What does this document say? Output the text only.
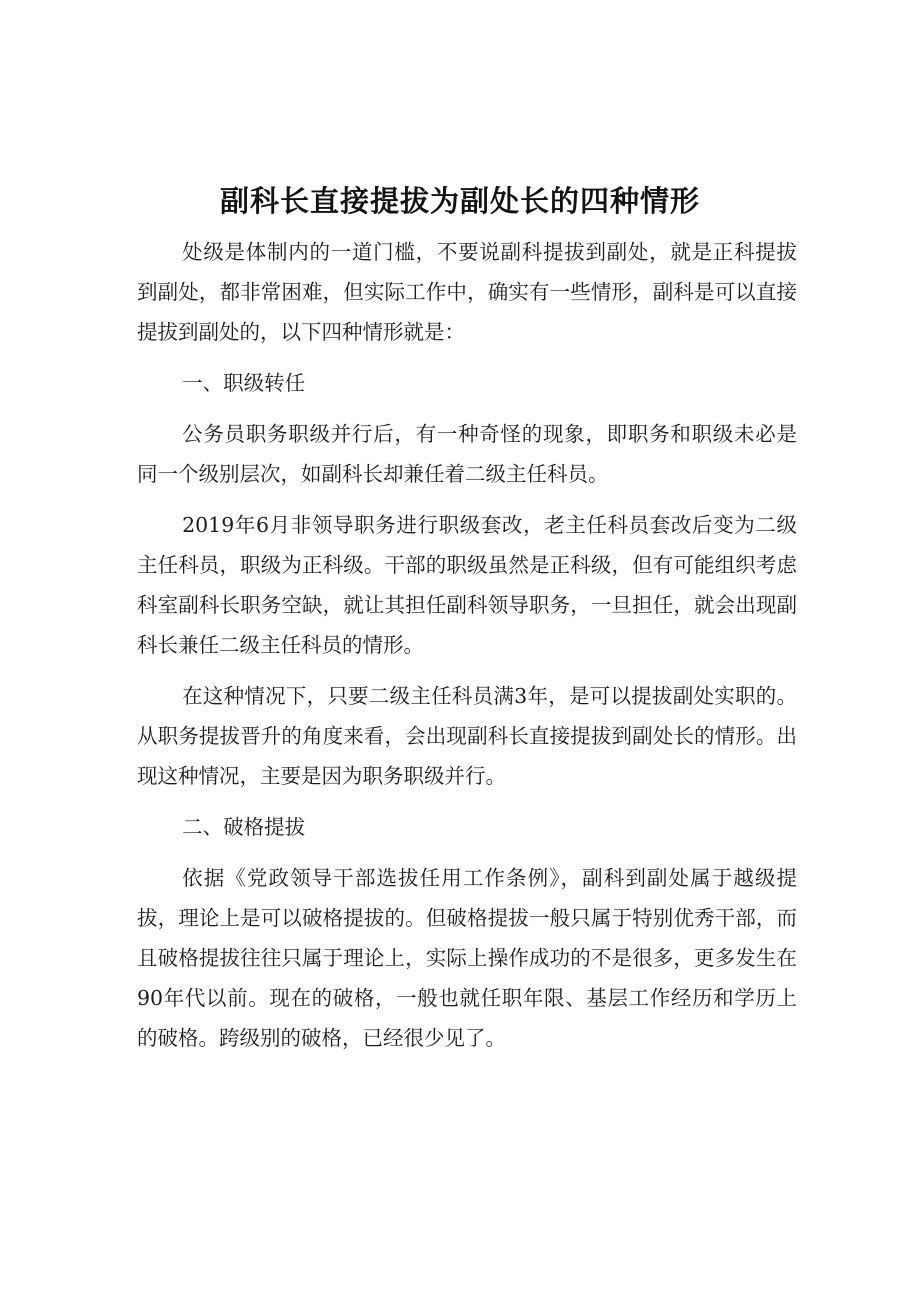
副科长直接提拔为副处长的四种情形

处级是体制内的一道门槛，不要说副科提拔到副处，就是正科提拔到副处，都非常困难，但实际工作中，确实有一些情形，副科是可以直接提拔到副处的，以下四种情形就是：

一、职级转任

公务员职务职级并行后，有一种奇怪的现象，即职务和职级未必是同一个级别层次，如副科长却兼任着二级主任科员。

2019年6月非领导职务进行职级套改，老主任科员套改后变为二级主任科员，职级为正科级。干部的职级虽然是正科级，但有可能组织考虑科室副科长职务空缺，就让其担任副科领导职务，一旦担任，就会出现副科长兼任二级主任科员的情形。

在这种情况下，只要二级主任科员满3年，是可以提拔副处实职的。从职务提拔晋升的角度来看，会出现副科长直接提拔到副处长的情形。出现这种情况，主要是因为职务职级并行。

二、破格提拔

依据《党政领导干部选拔任用工作条例》，副科到副处属于越级提拔，理论上是可以破格提拔的。但破格提拔一般只属于特别优秀干部，而且破格提拔往往只属于理论上，实际上操作成功的不是很多，更多发生在90年代以前。现在的破格，一般也就任职年限、基层工作经历和学历上的破格。跨级别的破格，已经很少见了。
